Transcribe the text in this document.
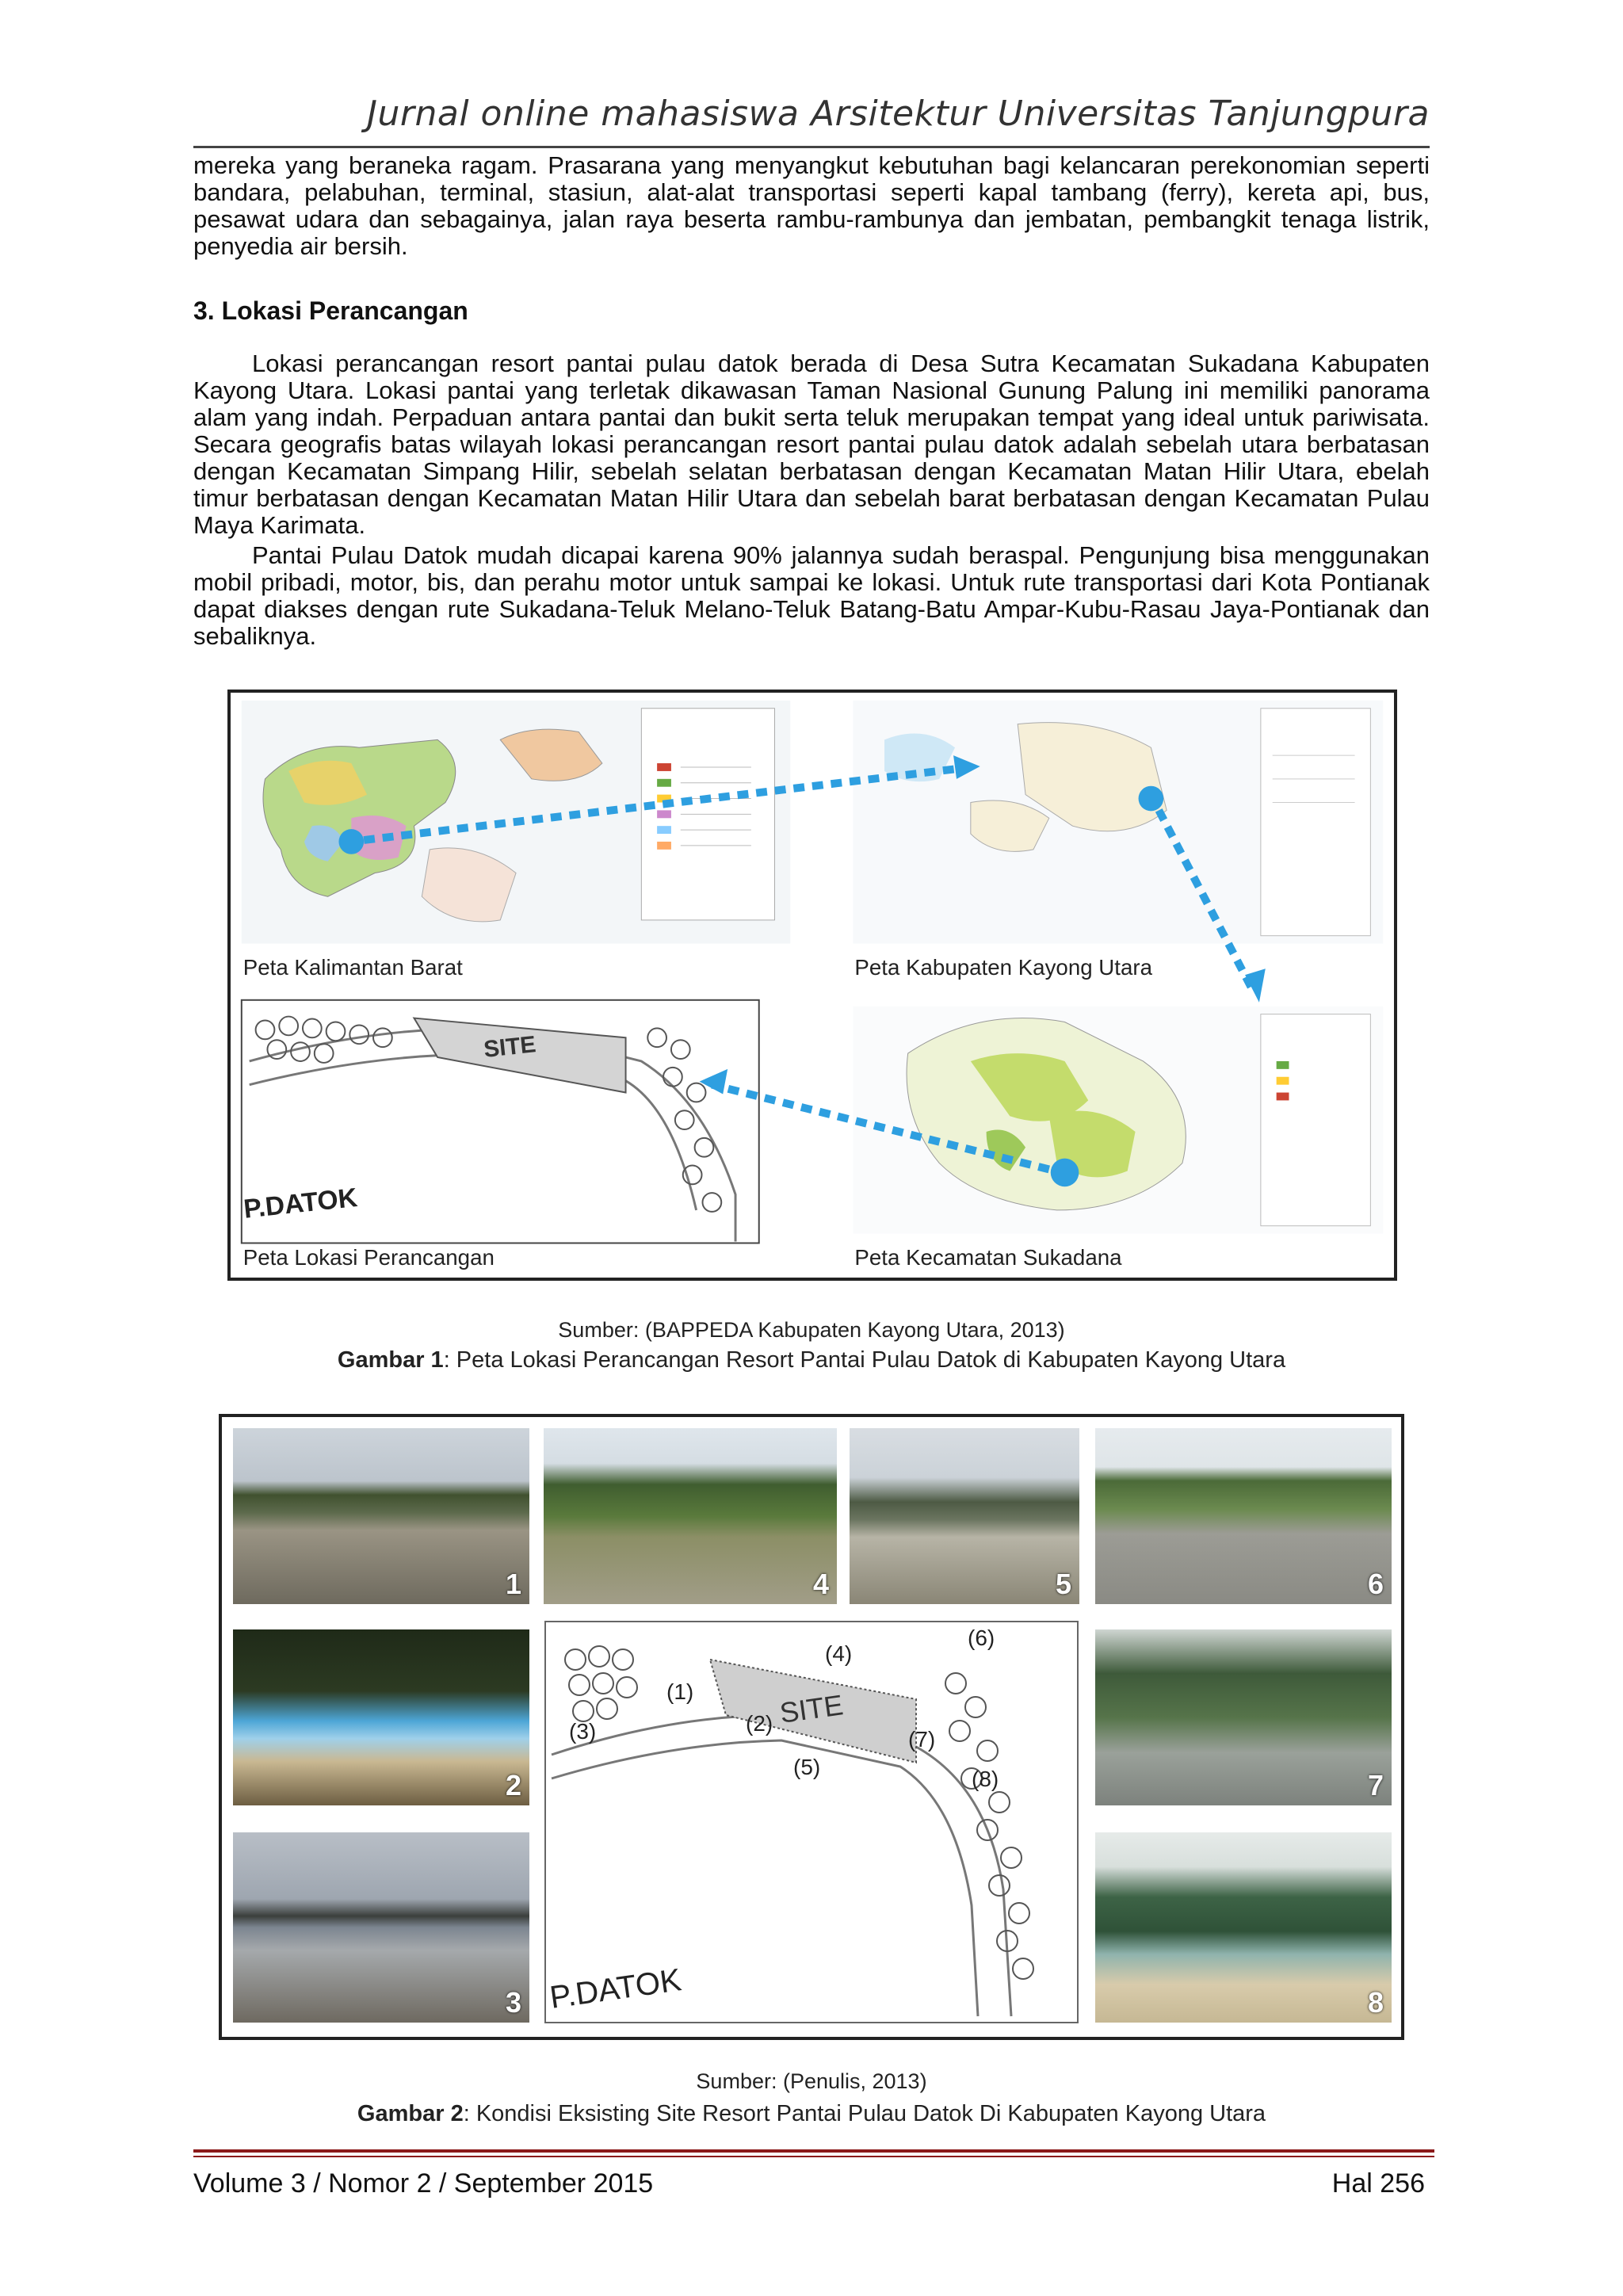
Jurnal online mahasiswa Arsitektur Universitas Tanjungpura

mereka yang beraneka ragam. Prasarana yang menyangkut kebutuhan bagi kelancaran perekonomian seperti bandara, pelabuhan, terminal, stasiun, alat-alat transportasi seperti kapal tambang (ferry), kereta api, bus, pesawat udara dan sebagainya, jalan raya beserta rambu-rambunya dan jembatan, pembangkit tenaga listrik, penyedia air bersih.

3. Lokasi Perancangan

Lokasi perancangan resort pantai pulau datok berada di Desa Sutra Kecamatan Sukadana Kabupaten Kayong Utara. Lokasi pantai yang terletak dikawasan Taman Nasional Gunung Palung ini memiliki panorama alam yang indah. Perpaduan antara pantai dan bukit serta teluk merupakan tempat yang ideal untuk pariwisata. Secara geografis batas wilayah lokasi perancangan resort pantai pulau datok adalah sebelah utara berbatasan dengan Kecamatan Simpang Hilir, sebelah selatan berbatasan dengan Kecamatan Matan Hilir Utara, ebelah timur berbatasan dengan Kecamatan Matan Hilir Utara dan sebelah barat berbatasan dengan Kecamatan Pulau Maya Karimata.

Pantai Pulau Datok mudah dicapai karena 90% jalannya sudah beraspal. Pengunjung bisa menggunakan mobil pribadi, motor, bis, dan perahu motor untuk sampai ke lokasi. Untuk rute transportasi dari Kota Pontianak dapat diakses dengan rute Sukadana-Teluk Melano-Teluk Batang-Batu Ampar-Kubu-Rasau Jaya-Pontianak dan sebaliknya.

Peta Kalimantan Barat	Peta Kabupaten Kayong Utara
SITE
P.DATOK
Peta Lokasi Perancangan	Peta Kecamatan Sukadana
Sumber: (BAPPEDA Kabupaten Kayong Utara, 2013)
Gambar 1: Peta Lokasi Perancangan Resort Pantai Pulau Datok di Kabupaten Kayong Utara
1	4	5	6
2	7
3	8
(1)
(2)
(3)
(4)
(5)
(6)
(7)
(8)
SITE
P.DATOK
Sumber: (Penulis, 2013)
Gambar 2: Kondisi Eksisting Site Resort Pantai Pulau Datok Di Kabupaten Kayong Utara
Volume 3 / Nomor 2 / September 2015	Hal 256
